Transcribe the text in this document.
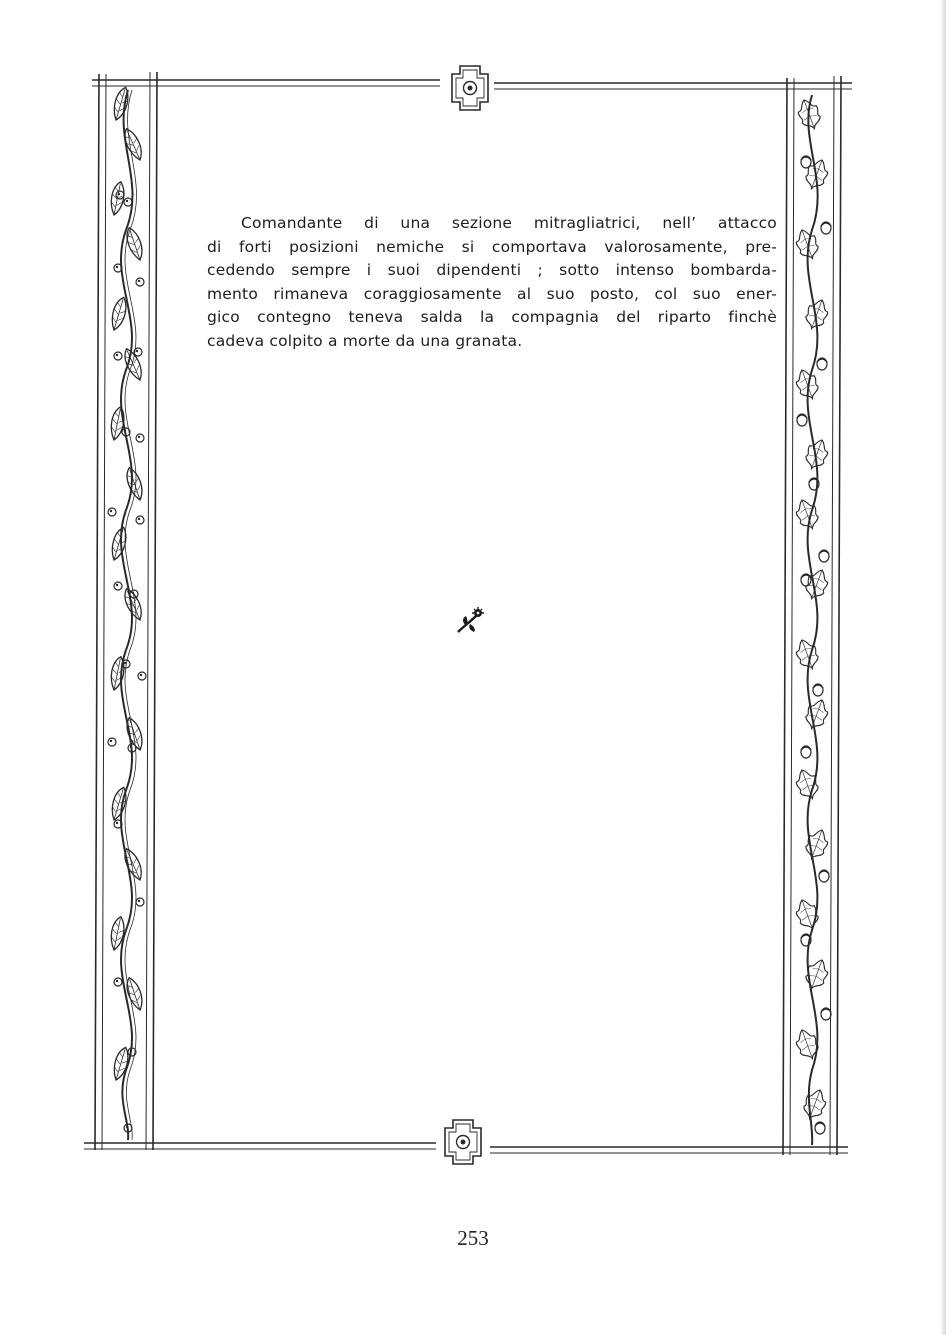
Comandante di una sezione mitragliatrici, nell’ attacco
di forti posizioni nemiche si comportava valorosamente, pre-
cedendo sempre i suoi dipendenti ; sotto intenso bombarda-
mento rimaneva coraggiosamente al suo posto, col suo ener-
gico contegno teneva salda la compagnia del riparto finchè
cadeva colpito a morte da una granata.
253
